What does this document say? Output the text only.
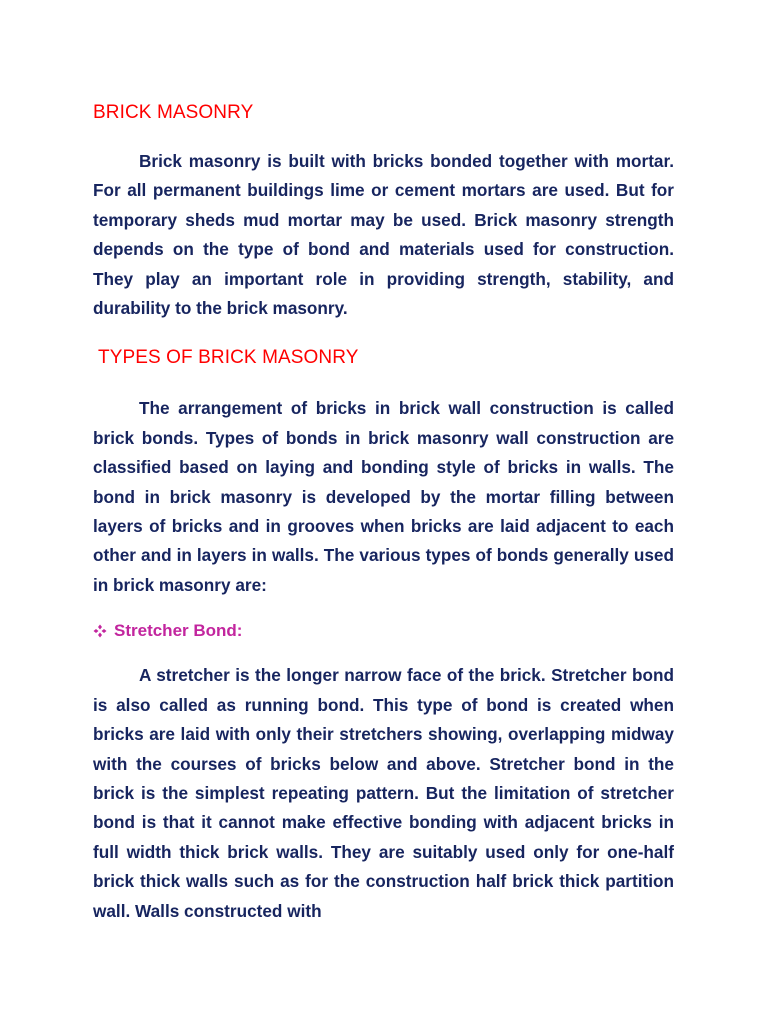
BRICK MASONRY

Brick masonry is built with bricks bonded together with mortar. For all permanent buildings lime or cement mortars are used. But for temporary sheds mud mortar may be used. Brick masonry strength depends on the type of bond and materials used for construction. They play an important role in providing strength, stability, and durability to the brick masonry.

TYPES OF BRICK MASONRY

The arrangement of bricks in brick wall construction is called brick bonds. Types of bonds in brick masonry wall construction are classified based on laying and bonding style of bricks in walls. The bond in brick masonry is developed by the mortar filling between layers of bricks and in grooves when bricks are laid adjacent to each other and in layers in walls. The various types of bonds generally used in brick masonry are:

Stretcher Bond:

A stretcher is the longer narrow face of the brick. Stretcher bond is also called as running bond. This type of bond is created when bricks are laid with only their stretchers showing, overlapping midway with the courses of bricks below and above. Stretcher bond in the brick is the simplest repeating pattern. But the limitation of stretcher bond is that it cannot make effective bonding with adjacent bricks in full width thick brick walls. They are suitably used only for one-half brick thick walls such as for the construction half brick thick partition wall. Walls constructed with
